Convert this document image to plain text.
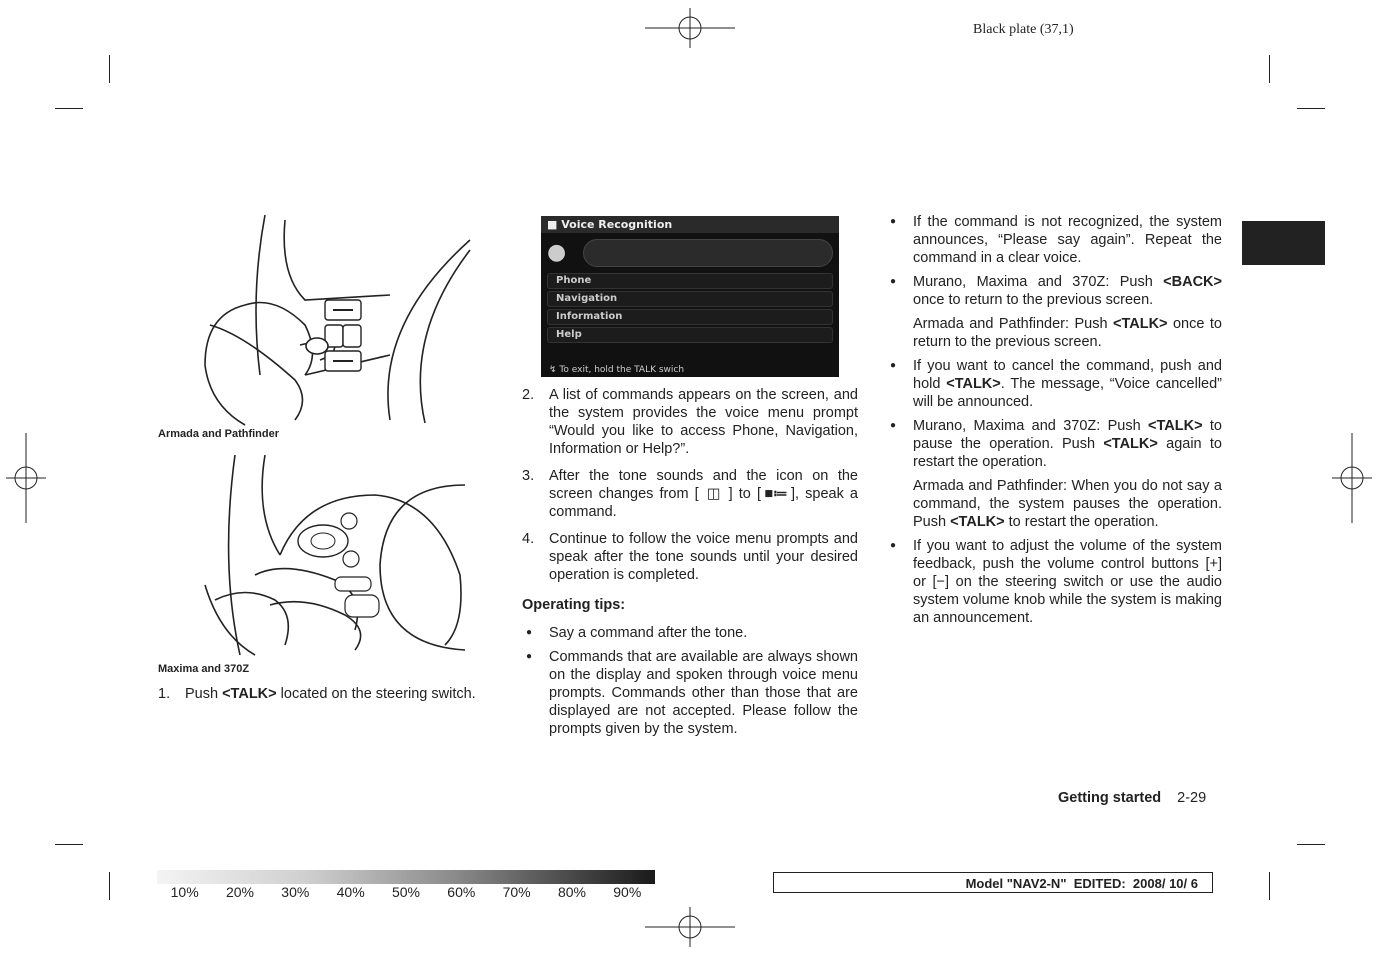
Black plate (37,1)
Armada and Pathfinder
Maxima and 370Z
1. Push <TALK> located on the steering switch.
■ Voice Recognition
●
Phone
Navigation
Information
Help
↯ To exit, hold the TALK swich
2. A list of commands appears on the screen, and the system provides the voice menu prompt “Would you like to access Phone, Navigation, Information or Help?”.
3. After the tone sounds and the icon on the screen changes from [ ◫ ] to [ ■≔ ], speak a command.
4. Continue to follow the voice menu prompts and speak after the tone sounds until your desired operation is completed.
Operating tips:
● Say a command after the tone.
● Commands that are available are always shown on the display and spoken through voice menu prompts. Commands other than those that are displayed are not accepted. Please follow the prompts given by the system.
● If the command is not recognized, the system announces, “Please say again”. Repeat the command in a clear voice.
● Murano, Maxima and 370Z: Push <BACK> once to return to the previous screen.
Armada and Pathfinder: Push <TALK> once to return to the previous screen.
● If you want to cancel the command, push and hold <TALK>. The message, “Voice cancelled” will be announced.
● Murano, Maxima and 370Z: Push <TALK> to pause the operation. Push <TALK> again to restart the operation.
Armada and Pathfinder: When you do not say a command, the system pauses the operation. Push <TALK> to restart the operation.
● If you want to adjust the volume of the system feedback, push the volume control buttons [+] or [−] on the steering switch or use the audio system volume knob while the system is making an announcement.
Getting started 2-29
10% 20% 30% 40% 50% 60% 70% 80% 90%
Model "NAV2-N"  EDITED:  2008/ 10/ 6
